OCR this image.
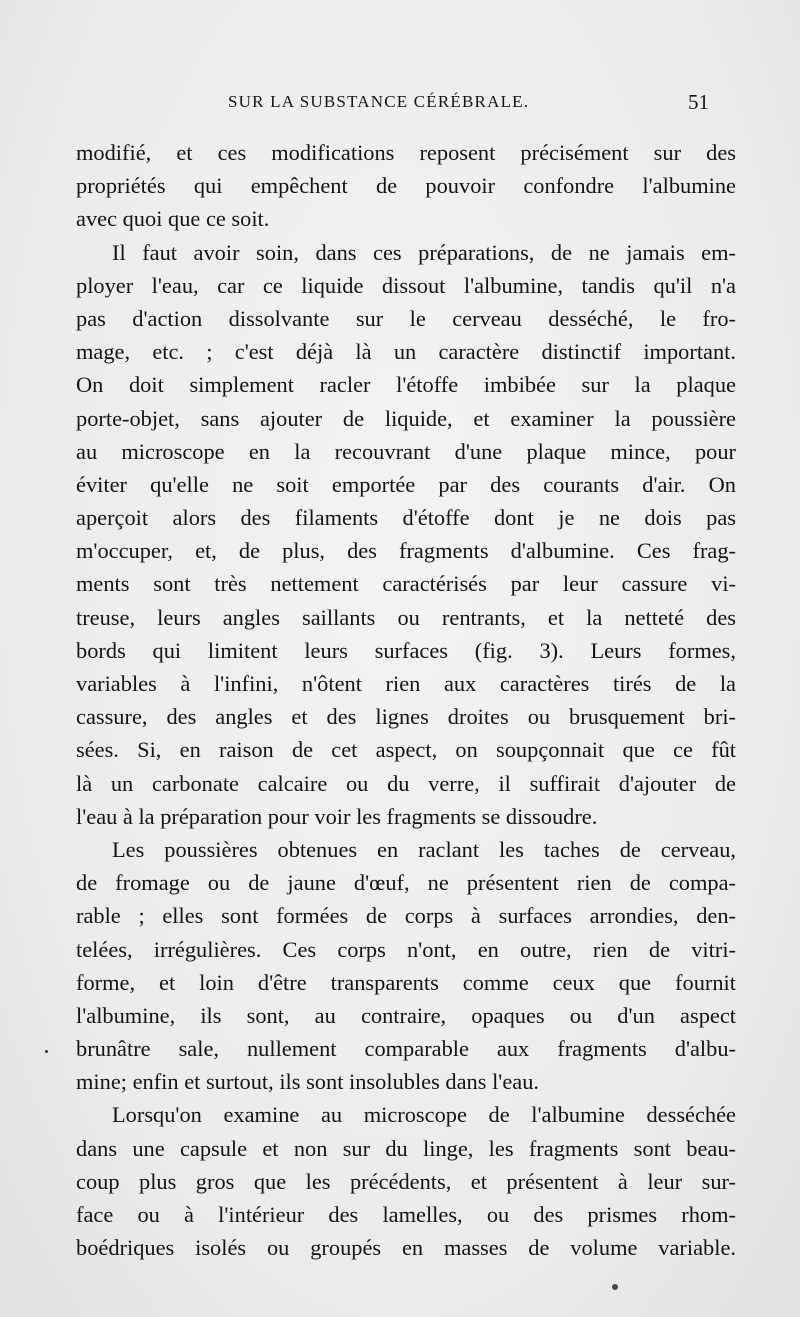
SUR LA SUBSTANCE CÉRÉBRALE.	51
modifié, et ces modifications reposent précisément sur des
propriétés qui empêchent de pouvoir confondre l'albumine
avec quoi que ce soit.
Il faut avoir soin, dans ces préparations, de ne jamais em-
ployer l'eau, car ce liquide dissout l'albumine, tandis qu'il n'a
pas d'action dissolvante sur le cerveau desséché, le fro-
mage, etc. ; c'est déjà là un caractère distinctif important.
On doit simplement racler l'étoffe imbibée sur la plaque
porte-objet, sans ajouter de liquide, et examiner la poussière
au microscope en la recouvrant d'une plaque mince, pour
éviter qu'elle ne soit emportée par des courants d'air. On
aperçoit alors des filaments d'étoffe dont je ne dois pas
m'occuper, et, de plus, des fragments d'albumine. Ces frag-
ments sont très nettement caractérisés par leur cassure vi-
treuse, leurs angles saillants ou rentrants, et la netteté des
bords qui limitent leurs surfaces (fig. 3). Leurs formes,
variables à l'infini, n'ôtent rien aux caractères tirés de la
cassure, des angles et des lignes droites ou brusquement bri-
sées. Si, en raison de cet aspect, on soupçonnait que ce fût
là un carbonate calcaire ou du verre, il suffirait d'ajouter de
l'eau à la préparation pour voir les fragments se dissoudre.
Les poussières obtenues en raclant les taches de cerveau,
de fromage ou de jaune d'œuf, ne présentent rien de compa-
rable ; elles sont formées de corps à surfaces arrondies, den-
telées, irrégulières. Ces corps n'ont, en outre, rien de vitri-
forme, et loin d'être transparents comme ceux que fournit
l'albumine, ils sont, au contraire, opaques ou d'un aspect
brunâtre sale, nullement comparable aux fragments d'albu-
mine; enfin et surtout, ils sont insolubles dans l'eau.
Lorsqu'on examine au microscope de l'albumine desséchée
dans une capsule et non sur du linge, les fragments sont beau-
coup plus gros que les précédents, et présentent à leur sur-
face ou à l'intérieur des lamelles, ou des prismes rhom-
boédriques isolés ou groupés en masses de volume variable.
